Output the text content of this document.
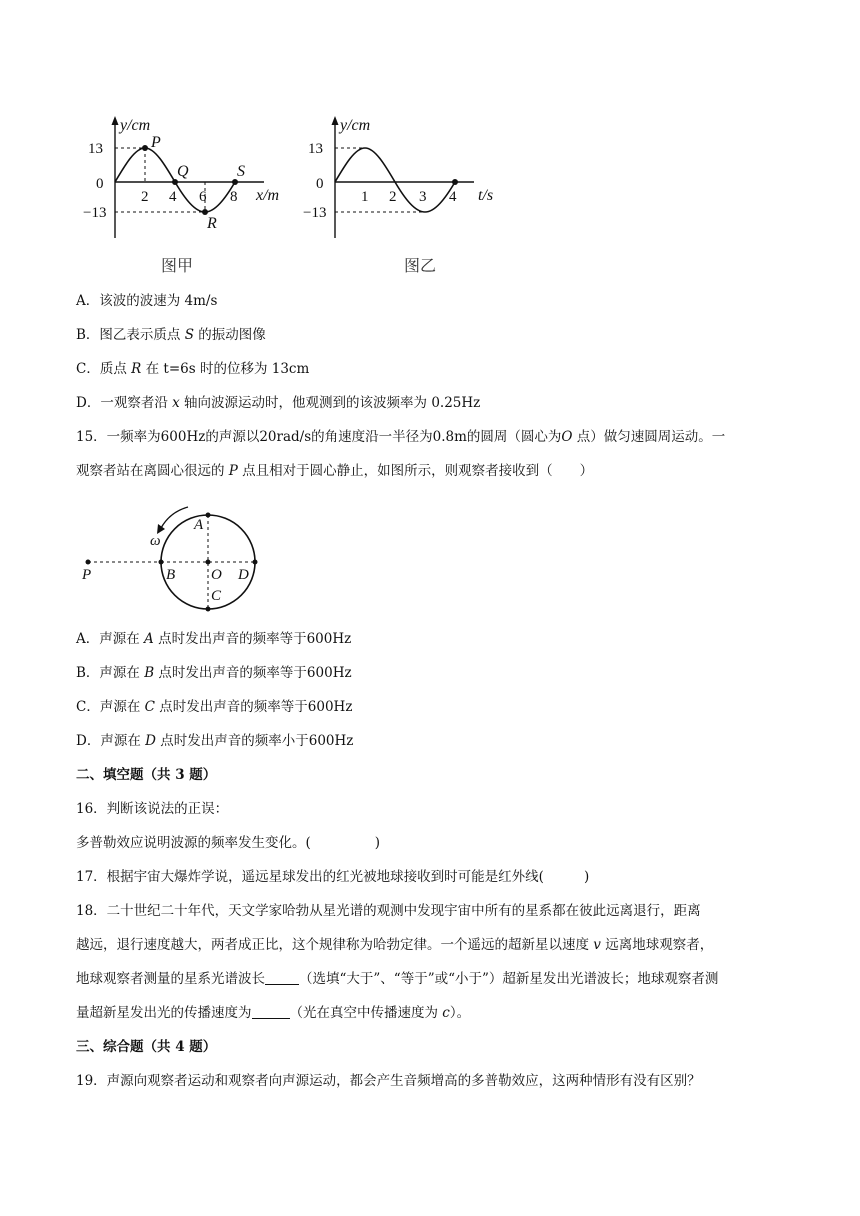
y/cm
13
0
−13
2 4 6 8 x/m
P
Q
R
S
图甲
y/cm
13
0
−13
1 2 3 4 t/s
图乙
A．该波的波速为 4m/s
B．图乙表示质点 S 的振动图像
C．质点 R 在 t=6s 时的位移为 13cm
D．一观察者沿 x 轴向波源运动时，他观测到的该波频率为 0.25Hz
15．一频率为600Hz的声源以20rad/s的角速度沿一半径为0.8m的圆周（圆心为O 点）做匀速圆周运动。一
观察者站在离圆心很远的 P 点且相对于圆心静止，如图所示，则观察者接收到（　　）
ω
P
A
B O D
C
A．声源在 A 点时发出声音的频率等于600Hz
B．声源在 B 点时发出声音的频率等于600Hz
C．声源在 C 点时发出声音的频率等于600Hz
D．声源在 D 点时发出声音的频率小于600Hz
二、填空题（共 3 题）
16．判断该说法的正误：
多普勒效应说明波源的频率发生变化。(	)
17．根据宇宙大爆炸学说，遥远星球发出的红光被地球接收到时可能是红外线(	)
18．二十世纪二十年代，天文学家哈勃从星光谱的观测中发现宇宙中所有的星系都在彼此远离退行，距离
越远，退行速度越大，两者成正比，这个规律称为哈勃定律。一个遥远的超新星以速度 v 远离地球观察者，
地球观察者测量的星系光谱波长	（选填“大于”、“等于”或“小于”）超新星发出光谱波长；地球观察者测
量超新星发出光的传播速度为	（光在真空中传播速度为 c）。
三、综合题（共 4 题）
19．声源向观察者运动和观察者向声源运动，都会产生音频增高的多普勒效应，这两种情形有没有区别？
